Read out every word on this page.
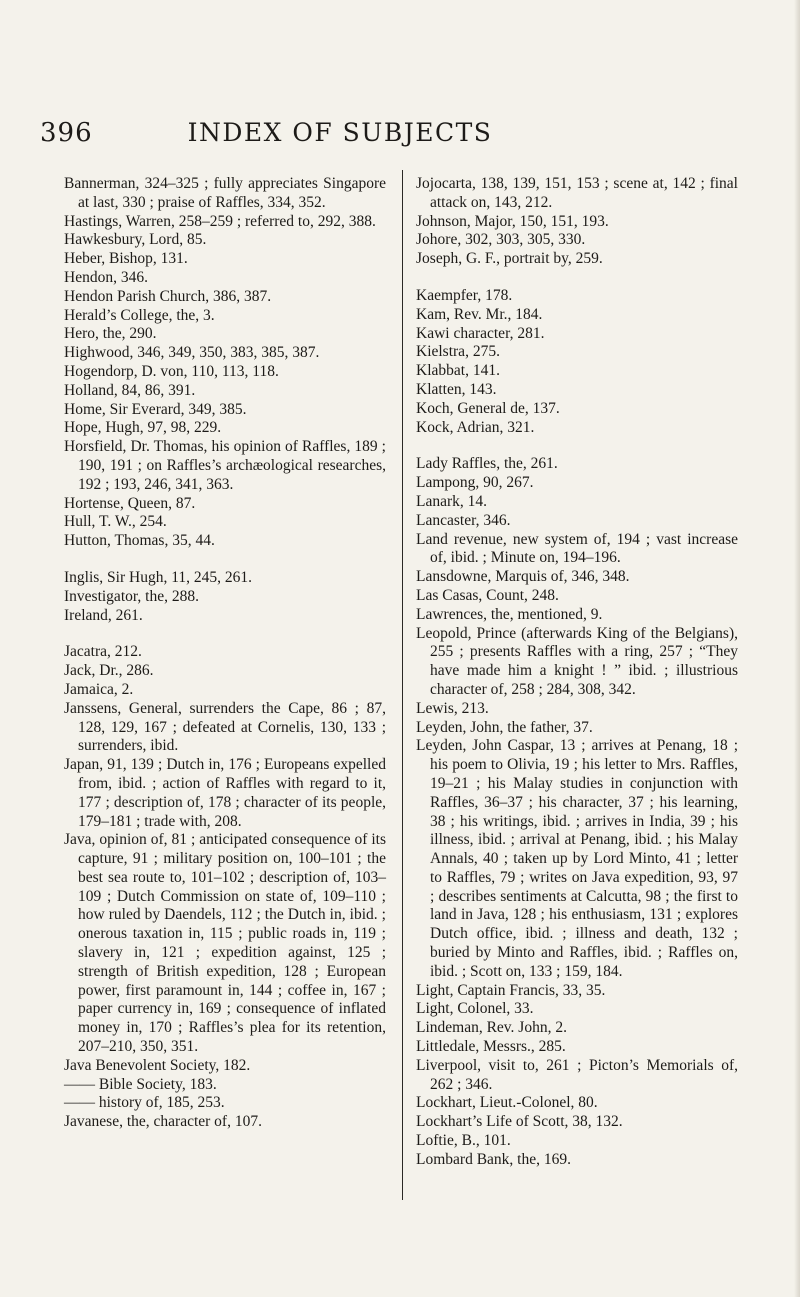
396	INDEX OF SUBJECTS

Bannerman, 324–325 ; fully appreciates Singapore at last, 330 ; praise of Raffles, 334, 352.

Hastings, Warren, 258–259 ; referred to, 292, 388.

Hawkesbury, Lord, 85.

Heber, Bishop, 131.

Hendon, 346.

Hendon Parish Church, 386, 387.

Herald’s College, the, 3.

Hero, the, 290.

Highwood, 346, 349, 350, 383, 385, 387.

Hogendorp, D. von, 110, 113, 118.

Holland, 84, 86, 391.

Home, Sir Everard, 349, 385.

Hope, Hugh, 97, 98, 229.

Horsfield, Dr. Thomas, his opinion of Raffles, 189 ; 190, 191 ; on Raffles’s archæological researches, 192 ; 193, 246, 341, 363.

Hortense, Queen, 87.

Hull, T. W., 254.

Hutton, Thomas, 35, 44.

Inglis, Sir Hugh, 11, 245, 261.

Investigator, the, 288.

Ireland, 261.

Jacatra, 212.

Jack, Dr., 286.

Jamaica, 2.

Janssens, General, surrenders the Cape, 86 ; 87, 128, 129, 167 ; defeated at Cornelis, 130, 133 ; surrenders, ibid.

Japan, 91, 139 ; Dutch in, 176 ; Europeans expelled from, ibid. ; action of Raffles with regard to it, 177 ; description of, 178 ; character of its people, 179–181 ; trade with, 208.

Java, opinion of, 81 ; anticipated consequence of its capture, 91 ; military position on, 100–101 ; the best sea route to, 101–102 ; description of, 103–109 ; Dutch Commission on state of, 109–110 ; how ruled by Daendels, 112 ; the Dutch in, ibid. ; onerous taxation in, 115 ; public roads in, 119 ; slavery in, 121 ; expedition against, 125 ; strength of British expedition, 128 ; European power, first paramount in, 144 ; coffee in, 167 ; paper currency in, 169 ; consequence of inflated money in, 170 ; Raffles’s plea for its retention, 207–210, 350, 351.

Java Benevolent Society, 182.

—— Bible Society, 183.

—— history of, 185, 253.

Javanese, the, character of, 107.

Jojocarta, 138, 139, 151, 153 ; scene at, 142 ; final attack on, 143, 212.

Johnson, Major, 150, 151, 193.

Johore, 302, 303, 305, 330.

Joseph, G. F., portrait by, 259.

Kaempfer, 178.

Kam, Rev. Mr., 184.

Kawi character, 281.

Kielstra, 275.

Klabbat, 141.

Klatten, 143.

Koch, General de, 137.

Kock, Adrian, 321.

Lady Raffles, the, 261.

Lampong, 90, 267.

Lanark, 14.

Lancaster, 346.

Land revenue, new system of, 194 ; vast increase of, ibid. ; Minute on, 194–196.

Lansdowne, Marquis of, 346, 348.

Las Casas, Count, 248.

Lawrences, the, mentioned, 9.

Leopold, Prince (afterwards King of the Belgians), 255 ; presents Raffles with a ring, 257 ; “They have made him a knight ! ” ibid. ; illustrious character of, 258 ; 284, 308, 342.

Lewis, 213.

Leyden, John, the father, 37.

Leyden, John Caspar, 13 ; arrives at Penang, 18 ; his poem to Olivia, 19 ; his letter to Mrs. Raffles, 19–21 ; his Malay studies in conjunction with Raffles, 36–37 ; his character, 37 ; his learning, 38 ; his writings, ibid. ; arrives in India, 39 ; his illness, ibid. ; arrival at Penang, ibid. ; his Malay Annals, 40 ; taken up by Lord Minto, 41 ; letter to Raffles, 79 ; writes on Java expedition, 93, 97 ; describes sentiments at Calcutta, 98 ; the first to land in Java, 128 ; his enthusiasm, 131 ; explores Dutch office, ibid. ; illness and death, 132 ; buried by Minto and Raffles, ibid. ; Raffles on, ibid. ; Scott on, 133 ; 159, 184.

Light, Captain Francis, 33, 35.

Light, Colonel, 33.

Lindeman, Rev. John, 2.

Littledale, Messrs., 285.

Liverpool, visit to, 261 ; Picton’s Memorials of, 262 ; 346.

Lockhart, Lieut.-Colonel, 80.

Lockhart’s Life of Scott, 38, 132.

Loftie, B., 101.

Lombard Bank, the, 169.
